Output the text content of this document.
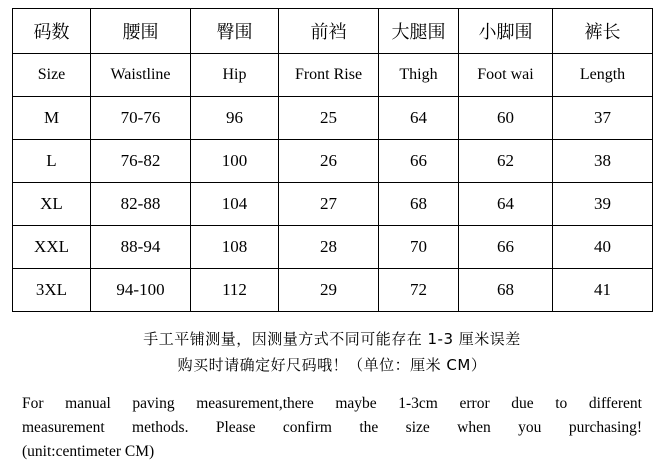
码数	腰围	臀围	前裆	大腿围	小脚围	裤长
Size	Waistline	Hip	Front Rise	Thigh	Foot wai	Length
M	70-76	96	25	64	60	37
L	76-82	100	26	66	62	38
XL	82-88	104	27	68	64	39
XXL	88-94	108	28	70	66	40
3XL	94-100	112	29	72	68	41
手工平铺测量，因测量方式不同可能存在 1-3 厘米误差
购买时请确定好尺码哦！（单位：厘米 CM）
For manual paving measurement,there maybe 1-3cm error due to different
measurement methods. Please confirm the size when you purchasing!
(unit:centimeter CM)
